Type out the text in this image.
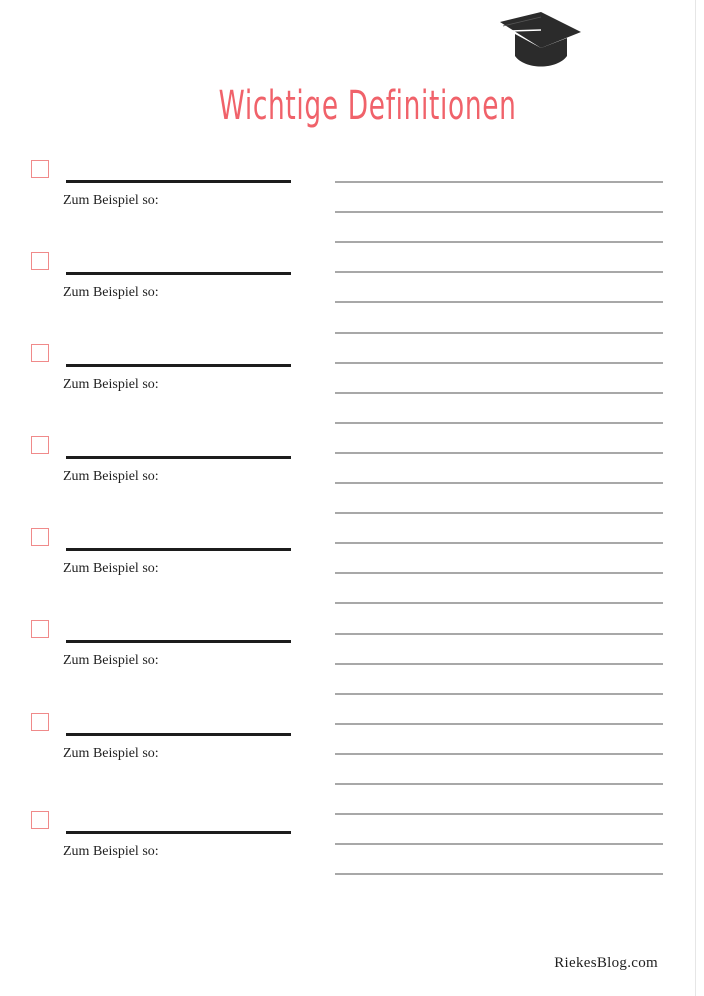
Wichtige Definitionen
Zum Beispiel so:
Zum Beispiel so:
Zum Beispiel so:
Zum Beispiel so:
Zum Beispiel so:
Zum Beispiel so:
Zum Beispiel so:
Zum Beispiel so:
RiekesBlog.com
